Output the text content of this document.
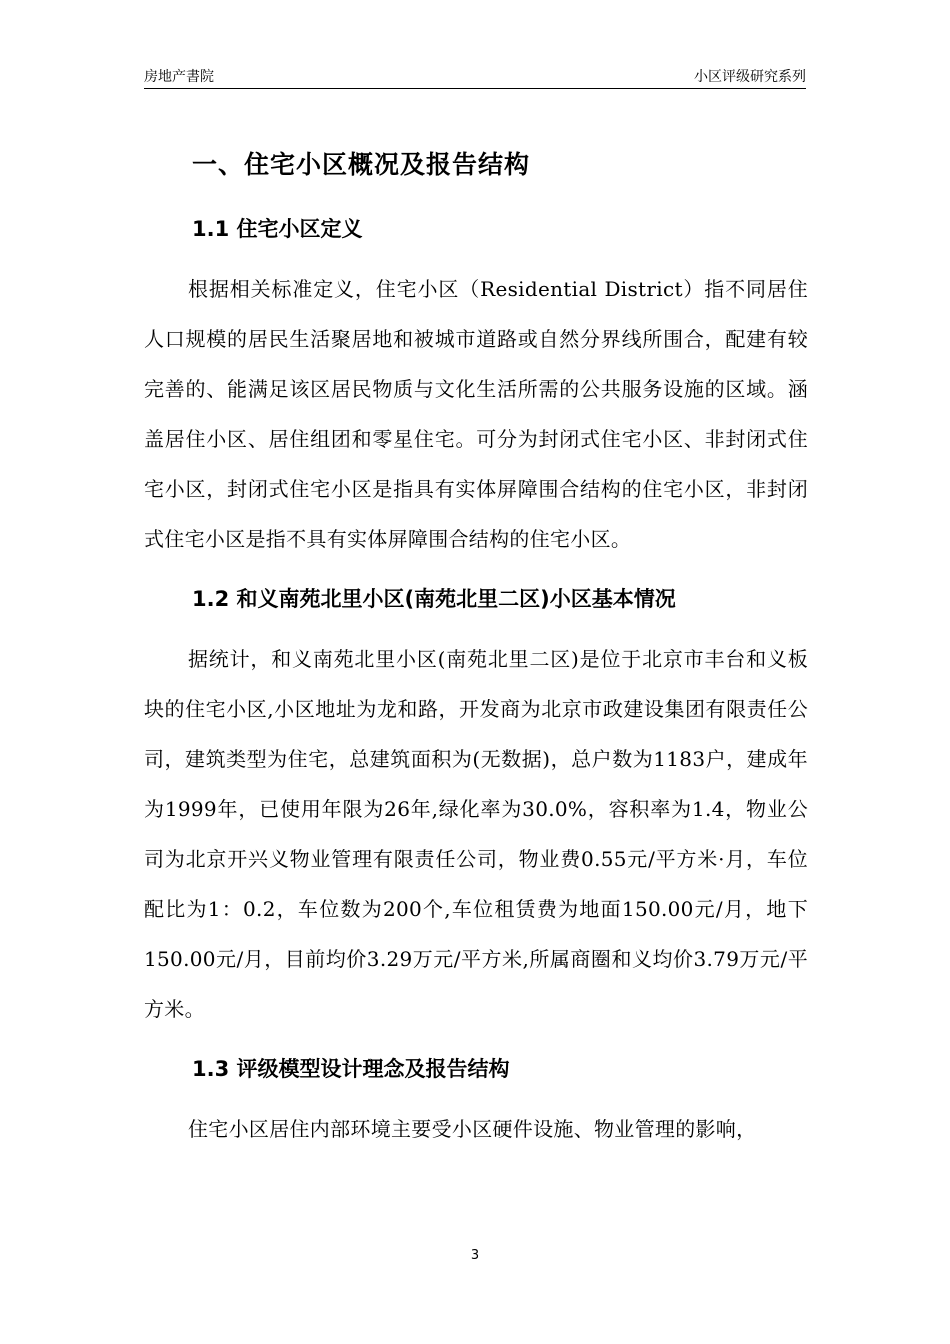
房地产書院	小区评级研究系列
一、住宅小区概况及报告结构
1.1 住宅小区定义

根据相关标准定义，住宅小区（Residential District）指不同居住人口规模的居民生活聚居地和被城市道路或自然分界线所围合，配建有较完善的、能满足该区居民物质与文化生活所需的公共服务设施的区域。涵盖居住小区、居住组团和零星住宅。可分为封闭式住宅小区、非封闭式住宅小区，封闭式住宅小区是指具有实体屏障围合结构的住宅小区，非封闭式住宅小区是指不具有实体屏障围合结构的住宅小区。

1.2 和义南苑北里小区(南苑北里二区)小区基本情况

据统计，和义南苑北里小区(南苑北里二区)是位于北京市丰台和义板块的住宅小区,小区地址为龙和路，开发商为北京市政建设集团有限责任公司，建筑类型为住宅，总建筑面积为(无数据)，总户数为1183户，建成年为1999年，已使用年限为26年,绿化率为30.0%，容积率为1.4，物业公司为北京开兴义物业管理有限责任公司，物业费0.55元/平方米·月，车位配比为1：0.2，车位数为200个,车位租赁费为地面150.00元/月，地下150.00元/月，目前均价3.29万元/平方米,所属商圈和义均价3.79万元/平方米。

1.3 评级模型设计理念及报告结构

住宅小区居住内部环境主要受小区硬件设施、物业管理的影响，

3
